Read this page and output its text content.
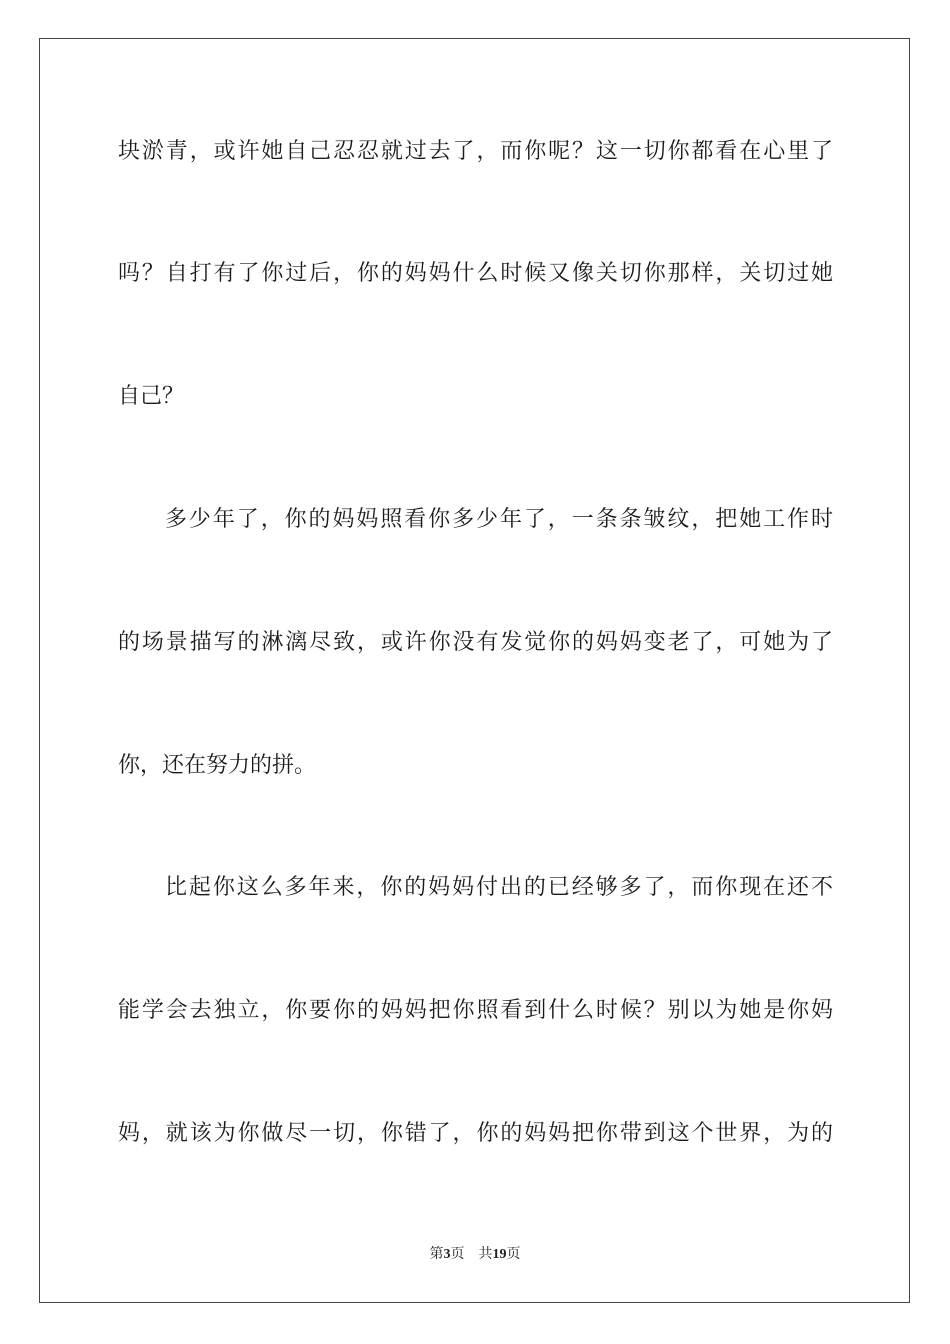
块淤青，或许她自己忍忍就过去了，而你呢？这一切你都看在心里了
吗？自打有了你过后，你的妈妈什么时候又像关切你那样，关切过她
自己？
多少年了，你的妈妈照看你多少年了，一条条皱纹，把她工作时
的场景描写的淋漓尽致，或许你没有发觉你的妈妈变老了，可她为了
你，还在努力的拼。
比起你这么多年来，你的妈妈付出的已经够多了，而你现在还不
能学会去独立，你要你的妈妈把你照看到什么时候？别以为她是你妈
妈，就该为你做尽一切，你错了，你的妈妈把你带到这个世界，为的
第3页 共19页
